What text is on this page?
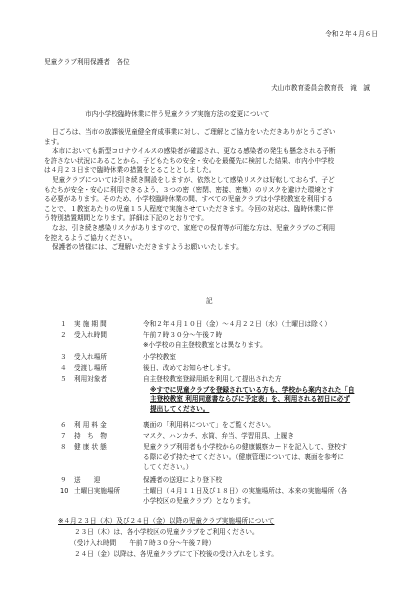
令和２年４月６日
児童クラブ利用保護者　各位
犬山市教育委員会教育長　滝　誠
市内小学校臨時休業に伴う児童クラブ実施方法の変更について

日ごろは、当市の放課後児童健全育成事業に対し、ご理解とご協力をいただきありがとうござい

ます。

本市においても新型コロナウイルスの感染者が確認され、更なる感染者の発生も懸念される予断

を許さない状況にあることから、子どもたちの安全・安心を最優先に検討した結果、市内小中学校

は４月２３日まで臨時休業の措置をとることとしました。

児童クラブについては引き続き開設をしますが、依然として感染リスクは好転しておらず、子ど

もたちが安全・安心に利用できるよう、３つの密（密閉、密接、密集）のリスクを避けた環境とす

る必要があります。そのため、小学校臨時休業の間、すべての児童クラブは小学校教室を利用する

ことで、１教室あたりの児童１５人程度で実施させていただきます。今回の対応は、臨時休業に伴

う特別措置期間となります。詳細は下記のとおりです。

なお、引き続き感染リスクがありますので、家庭での保育等が可能な方は、児童クラブのご利用

を控えるようご協力ください。

保護者の皆様には、ご理解いただきますようお願いいたします。

記
１ 実 施 期 間	令和２年４月１０日（金）～４月２２日（水）（土曜日は除く）
２ 受入れ時間	午前７時３０分～午後７時
※小学校の自主登校教室とは異なります。
３ 受入れ場所	小学校教室
４ 受渡し場所	後日、改めてお知らせします。
５ 利用対象者	自主登校教室登録用紙を利用して提出された方
※すでに児童クラブを登録されている方も、学校から案内された「自
主登校教室 利用同意書ならびに予定表」を、利用される初日に必ず
提出してください。
６ 利 用 料 金	裏面の「利用料について」をご覧ください。
７ 持　ち　物	マスク、ハンカチ、水筒、弁当、学習用具、上履き
８ 健 康 状 態	児童クラブ利用者も小学校からの健康観察カードを記入して、登校す
る際に必ず持たせてください。（健康管理については、裏面を参考に
してください。）
９ 送　　迎	保護者の送迎により登下校
10 土曜日実施場所	土曜日（４月１１日及び１８日）の実施場所は、本来の実施場所（各
小学校区の児童クラブ）となります。
※４月２３日（木）及び２４日（金）以降の児童クラブ実施場所について
２３日（木）は、各小学校区の児童クラブをご利用ください。
（受け入れ時間　　午前７時３０分～午後７時）
２４日（金）以降は、各児童クラブにて下校後の受け入れをします。
